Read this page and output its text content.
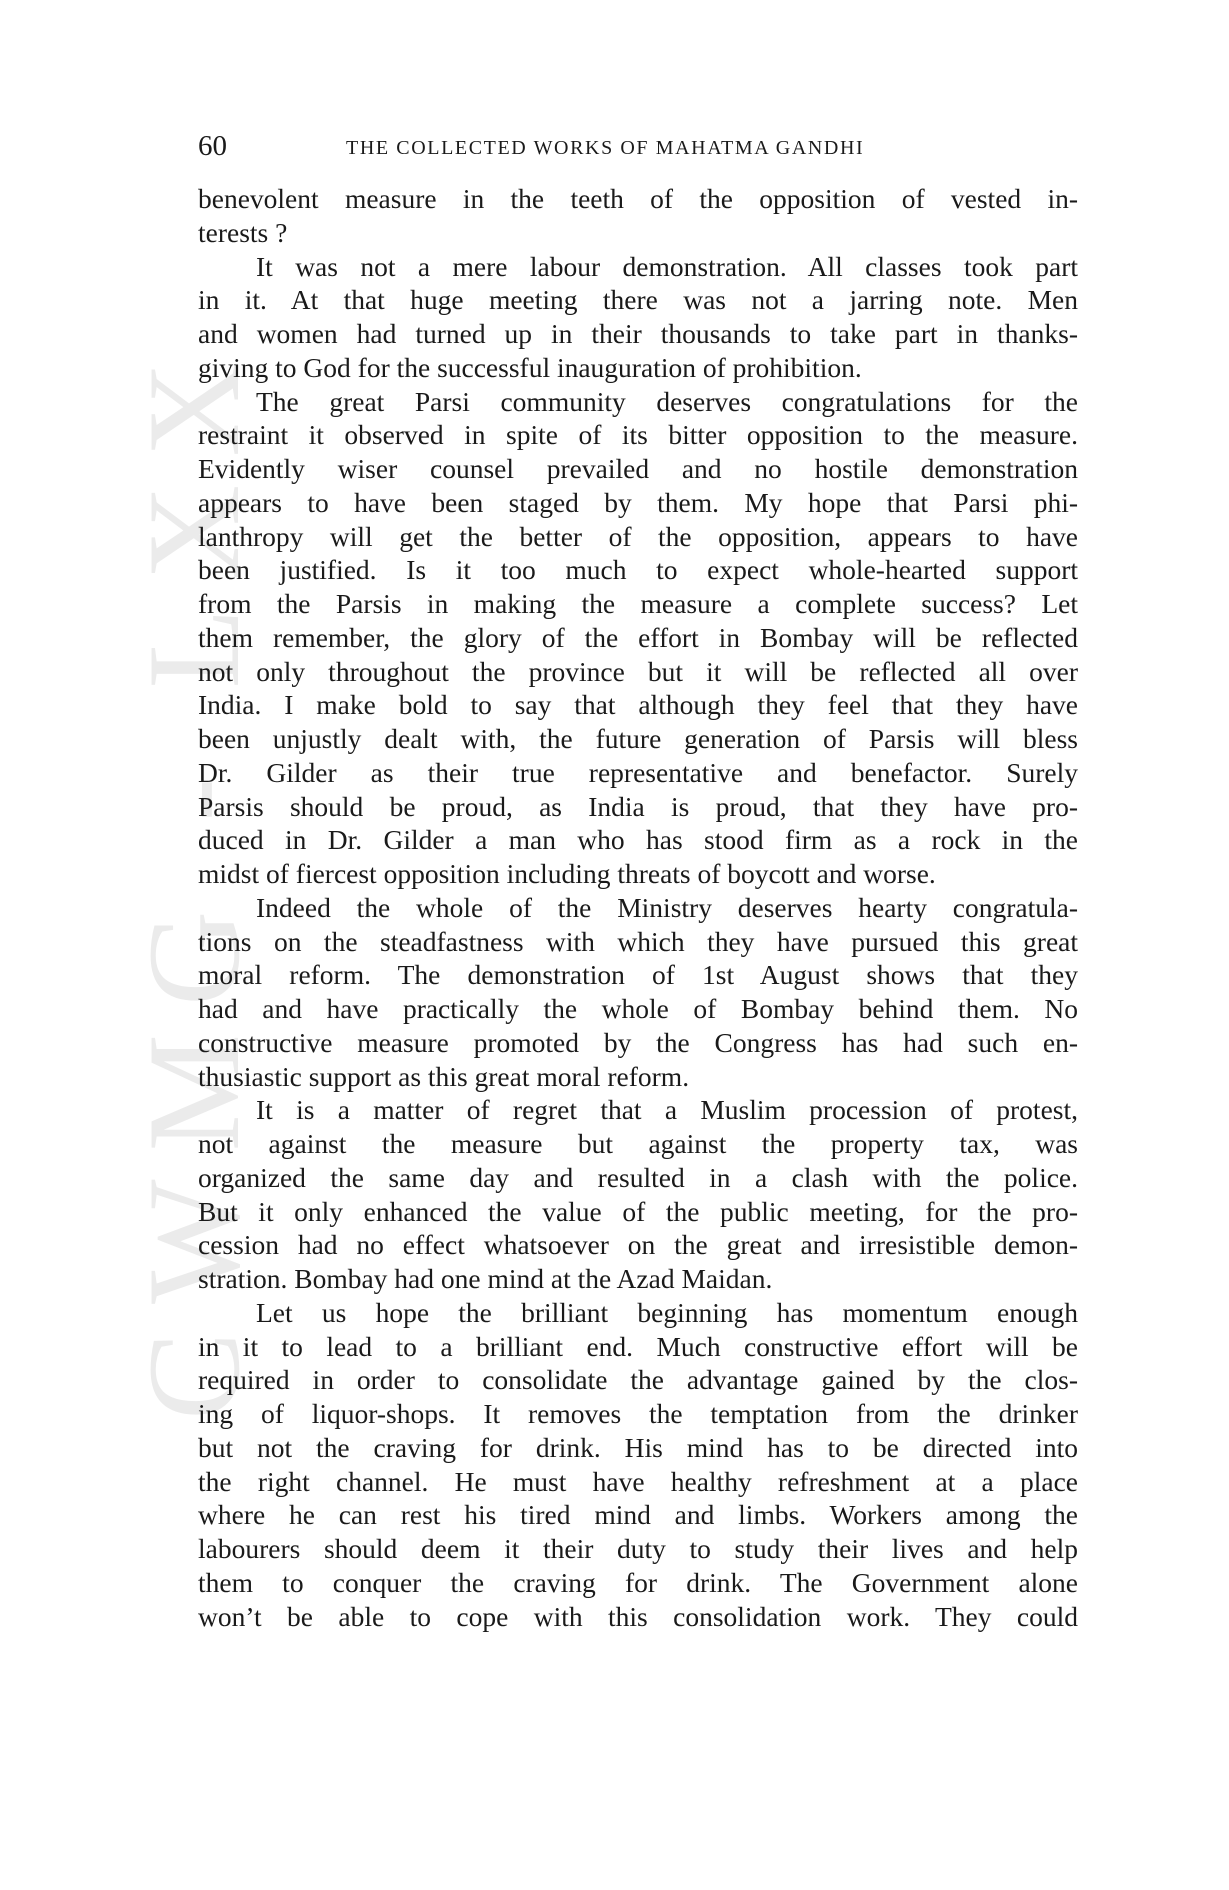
CWMG - LXX
60	THE COLLECTED WORKS OF MAHATMA GANDHI
benevolent measure in the teeth of the opposition of vested in-
terests ?
It was not a mere labour demonstration. All classes took part
in it. At that huge meeting there was not a jarring note. Men
and women had turned up in their thousands to take part in thanks-
giving to God for the successful inauguration of prohibition.
The great Parsi community deserves congratulations for the
restraint it observed in spite of its bitter opposition to the measure.
Evidently wiser counsel prevailed and no hostile demonstration
appears to have been staged by them. My hope that Parsi phi-
lanthropy will get the better of the opposition, appears to have
been justified. Is it too much to expect whole-hearted support
from the Parsis in making the measure a complete success? Let
them remember, the glory of the effort in Bombay will be reflected
not only throughout the province but it will be reflected all over
India. I make bold to say that although they feel that they have
been unjustly dealt with, the future generation of Parsis will bless
Dr. Gilder as their true representative and benefactor. Surely
Parsis should be proud, as India is proud, that they have pro-
duced in Dr. Gilder a man who has stood firm as a rock in the
midst of fiercest opposition including threats of boycott and worse.
Indeed the whole of the Ministry deserves hearty congratula-
tions on the steadfastness with which they have pursued this great
moral reform. The demonstration of 1st August shows that they
had and have practically the whole of Bombay behind them. No
constructive measure promoted by the Congress has had such en-
thusiastic support as this great moral reform.
It is a matter of regret that a Muslim procession of protest,
not against the measure but against the property tax, was
organized the same day and resulted in a clash with the police.
But it only enhanced the value of the public meeting, for the pro-
cession had no effect whatsoever on the great and irresistible demon-
stration. Bombay had one mind at the Azad Maidan.
Let us hope the brilliant beginning has momentum enough
in it to lead to a brilliant end. Much constructive effort will be
required in order to consolidate the advantage gained by the clos-
ing of liquor-shops. It removes the temptation from the drinker
but not the craving for drink. His mind has to be directed into
the right channel. He must have healthy refreshment at a place
where he can rest his tired mind and limbs. Workers among the
labourers should deem it their duty to study their lives and help
them to conquer the craving for drink. The Government alone
won’t be able to cope with this consolidation work. They could
